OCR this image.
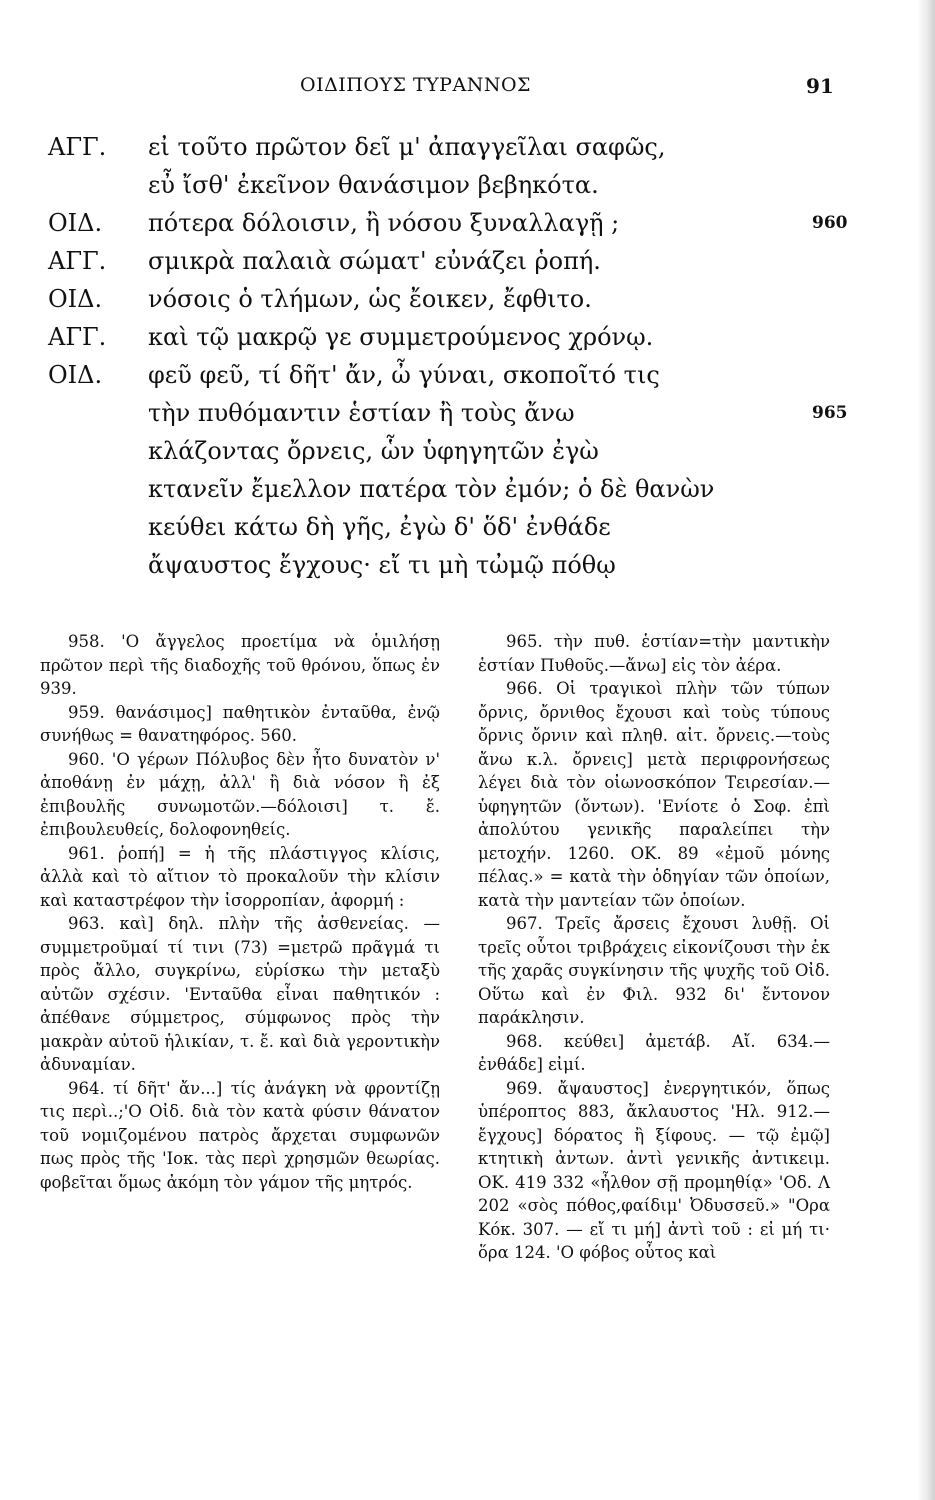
ΟΙΔΙΠΟΥΣ ΤΥΡΑΝΝΟΣ	91
ΑΓΓ. εἰ τοῦτο πρῶτον δεῖ μ' ἀπαγγεῖλαι σαφῶς,
εὖ ἴσθ' ἐκεῖνον θανάσιμον βεβηκότα.
ΟΙΔ. πότερα δόλοισιν, ἢ νόσου ξυναλλαγῇ ;	960
ΑΓΓ. σμικρὰ παλαιὰ σώματ' εὐνάζει ῥοπή.
ΟΙΔ. νόσοις ὁ τλήμων, ὡς ἔοικεν, ἔφθιτο.
ΑΓΓ. καὶ τῷ μακρῷ γε συμμετρούμενος χρόνῳ.
ΟΙΔ. φεῦ φεῦ, τί δῆτ' ἄν, ὦ γύναι, σκοποῖτό τις
τὴν πυθόμαντιν ἑστίαν ἢ τοὺς ἄνω	965
κλάζοντας ὄρνεις, ὧν ὑφηγητῶν ἐγὼ
κτανεῖν ἔμελλον πατέρα τὸν ἐμόν; ὁ δὲ θανὼν
κεύθει κάτω δὴ γῆς, ἐγὼ δ' ὅδ' ἐνθάδε
ἄψαυστος ἔγχους· εἴ τι μὴ τὠμῷ πόθῳ

958. 'Ο ἄγγελος προετίμα νὰ ὁμιλήσῃ πρῶτον περὶ τῆς διαδοχῆς τοῦ θρόνου, ὅπως ἐν 939.

959. θανάσιμος] παθητικὸν ἐνταῦθα, ἐνῷ συνήθως = θανατηφόρος. 560.

960. 'Ο γέρων Πόλυβος δὲν ἦτο δυνατὸν ν' ἀποθάνῃ ἐν μάχῃ, ἀλλ' ἢ διὰ νόσον ἢ ἐξ ἐπιβουλῆς συνωμοτῶν.—δόλοισι] τ. ἔ. ἐπιβουλευθείς, δολοφονηθείς.

961. ῥοπή] = ἡ τῆς πλάστιγγος κλίσις, ἀλλὰ καὶ τὸ αἴτιον τὸ προκαλοῦν τὴν κλίσιν καὶ καταστρέφον τὴν ἰσορροπίαν, ἀφορμή :

963. καὶ] δηλ. πλὴν τῆς ἀσθενείας. — συμμετροῦμαί τί τινι (73) =μετρῶ πρᾶγμά τι πρὸς ἄλλο, συγκρίνω, εὑρίσκω τὴν μεταξὺ αὐτῶν σχέσιν. 'Ενταῦθα εἶναι παθητικόν : ἀπέθανε σύμμετρος, σύμφωνος πρὸς τὴν μακρὰν αὐτοῦ ἡλικίαν, τ. ἔ. καὶ διὰ γεροντικὴν ἀδυναμίαν.

964. τί δῆτ' ἄν...] τίς ἀνάγκη νὰ φροντίζῃ τις περὶ..;'Ο Οἰδ. διὰ τὸν κατὰ φύσιν θάνατον τοῦ νομιζομένου πατρὸς ἄρχεται συμφωνῶν πως πρὸς τῆς 'Ιοκ. τὰς περὶ χρησμῶν θεωρίας. φοβεῖται ὅμως ἀκόμη τὸν γάμον τῆς μητρός.

965. τὴν πυθ. ἑστίαν=τὴν μαντικὴν ἑστίαν Πυθοῦς.—ἄνω] εἰς τὸν ἀέρα.

966. Οἱ τραγικοὶ πλὴν τῶν τύπων ὄρνις, ὄρνιθος ἔχουσι καὶ τοὺς τύπους ὄρνις ὄρνιν καὶ πληθ. αἰτ. ὄρνεις.—τοὺς ἄνω κ.λ. ὄρνεις] μετὰ περιφρονήσεως λέγει διὰ τὸν οἰωνοσκόπον Τειρεσίαν.—ὑφηγητῶν (ὄντων). 'Ενίοτε ὁ Σοφ. ἐπὶ ἀπολύτου γενικῆς παραλείπει τὴν μετοχήν. 1260. ΟΚ. 89 «ἐμοῦ μόνης πέλας.» = κατὰ τὴν ὁδηγίαν τῶν ὁποίων, κατὰ τὴν μαντείαν τῶν ὁποίων.

967. Τρεῖς ἄρσεις ἔχουσι λυθῇ. Οἱ τρεῖς οὗτοι τριβράχεις εἰκονίζουσι τὴν ἐκ τῆς χαρᾶς συγκίνησιν τῆς ψυχῆς τοῦ Οἰδ. Οὕτω καὶ ἐν Φιλ. 932 δι' ἔντονον παράκλησιν.

968. κεύθει] ἀμετάβ. Αἴ. 634.—ἐνθάδε] εἰμί.

969. ἄψαυστος] ἐνεργητικόν, ὅπως ὑπέροπτος 883, ἄκλαυστος 'Ηλ. 912.—ἔγχους] δόρατος ἢ ξίφους. — τῷ ἐμῷ] κτητικὴ ἀντων. ἀντὶ γενικῆς ἀντικειμ. ΟΚ. 419 332 «ἦλθον σῇ προμηθίᾳ» 'Οδ. Λ 202 «σὸς πόθος,φαίδιμ' Ὀδυσσεῦ.» "Ορα Κόκ. 307. — εἴ τι μή] ἀντὶ τοῦ : εἰ μή τι· ὅρα 124. 'Ο φόβος οὗτος καὶ
